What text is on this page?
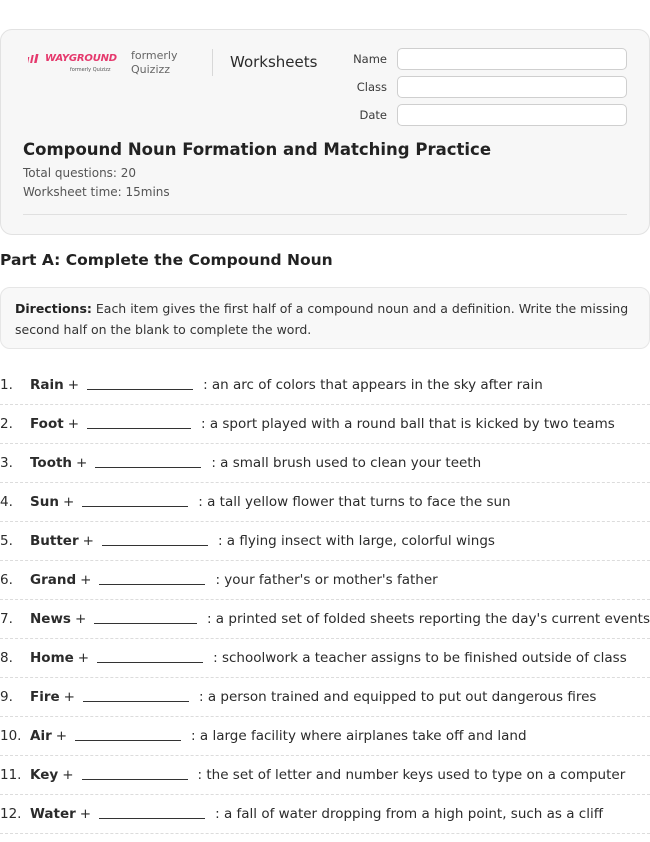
WAYGROUND
formerly Quizizz
formerly
Quizizz	Worksheets	Name
Class
Date
Compound Noun Formation and Matching Practice
Total questions: 20
Worksheet time: 15mins
Part A: Complete the Compound Noun
Directions: Each item gives the first half of a compound noun and a definition. Write the missing second half on the blank to complete the word.
1.	Rain +	: an arc of colors that appears in the sky after rain
2.	Foot +	: a sport played with a round ball that is kicked by two teams
3.	Tooth +	: a small brush used to clean your teeth
4.	Sun +	: a tall yellow flower that turns to face the sun
5.	Butter +	: a flying insect with large, colorful wings
6.	Grand +	: your father's or mother's father
7.	News +	: a printed set of folded sheets reporting the day's current events
8.	Home +	: schoolwork a teacher assigns to be finished outside of class
9.	Fire +	: a person trained and equipped to put out dangerous fires
10. Air +	: a large facility where airplanes take off and land
11. Key +	: the set of letter and number keys used to type on a computer
12. Water +	: a fall of water dropping from a high point, such as a cliff
